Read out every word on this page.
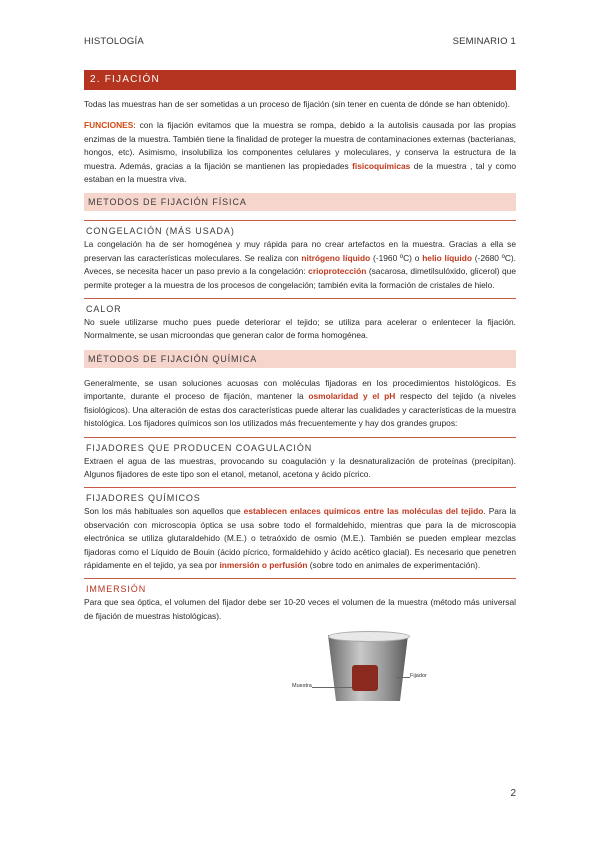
HISTOLOGÍA	SEMINARIO 1
2. FIJACIÓN

Todas las muestras han de ser sometidas a un proceso de fijación (sin tener en cuenta de dónde se han obtenido).

FUNCIONES: con la fijación evitamos que la muestra se rompa, debido a la autolisis causada por las propias enzimas de la muestra. También tiene la finalidad de proteger la muestra de contaminaciones externas (bacterianas, hongos, etc). Asimismo, insolubiliza los componentes celulares y moleculares, y conserva la estructura de la muestra. Además, gracias a la fijación se mantienen las propiedades fisicoquímicas de la muestra , tal y como estaban en la muestra viva.

METODOS DE FIJACIÓN FÍSICA
CONGELACIÓN (MÁS USADA)

La congelación ha de ser homogénea y muy rápida para no crear artefactos en la muestra. Gracias a ella se preservan las características moleculares. Se realiza con nitrógeno líquido (-1960 ºC) o helio líquido (-2680 ºC). Aveces, se necesita hacer un paso previo a la congelación: crioprotección (sacarosa, dimetilsulóxido, glicerol) que permite proteger a la muestra de los procesos de congelación; también evita la formación de cristales de hielo.

CALOR

No suele utilizarse mucho pues puede deteriorar el tejido; se utiliza para acelerar o enlentecer la fijación. Normalmente, se usan microondas que generan calor de forma homogénea.

MÉTODOS DE FIJACIÓN QUÍMICA

Generalmente, se usan soluciones acuosas con moléculas fijadoras en los procedimientos histológicos. Es importante, durante el proceso de fijación, mantener la osmolaridad y el pH respecto del tejido (a niveles fisiológicos). Una alteración de estas dos características puede alterar las cualidades y características de la muestra histológica. Los fijadores químicos son los utilizados más frecuentemente y hay dos grandes grupos:

FIJADORES QUE PRODUCEN COAGULACIÓN

Extraen el agua de las muestras, provocando su coagulación y la desnaturalización de proteínas (precipitan). Algunos fijadores de este tipo son el etanol, metanol, acetona y ácido pícrico.

FIJADORES QUÍMICOS

Son los más habituales son aquellos que establecen enlaces químicos entre las moléculas del tejido. Para la observación con microscopia óptica se usa sobre todo el formaldehido, mientras que para la de microscopia electrónica se utiliza glutaraldehido (M.E.) o tetraóxido de osmio (M.E.). También se pueden emplear mezclas fijadoras como el Líquido de Bouin (ácido pícrico, formaldehido y ácido acético glacial). Es necesario que penetren rápidamente en el tejido, ya sea por inmersión o perfusión (sobre todo en animales de experimentación).

IMMERSIÓN

Para que sea óptica, el volumen del fijador debe ser 10-20 veces el volumen de la muestra (método más universal de fijación de muestras histológicas).

Muestra
Fijador
2
